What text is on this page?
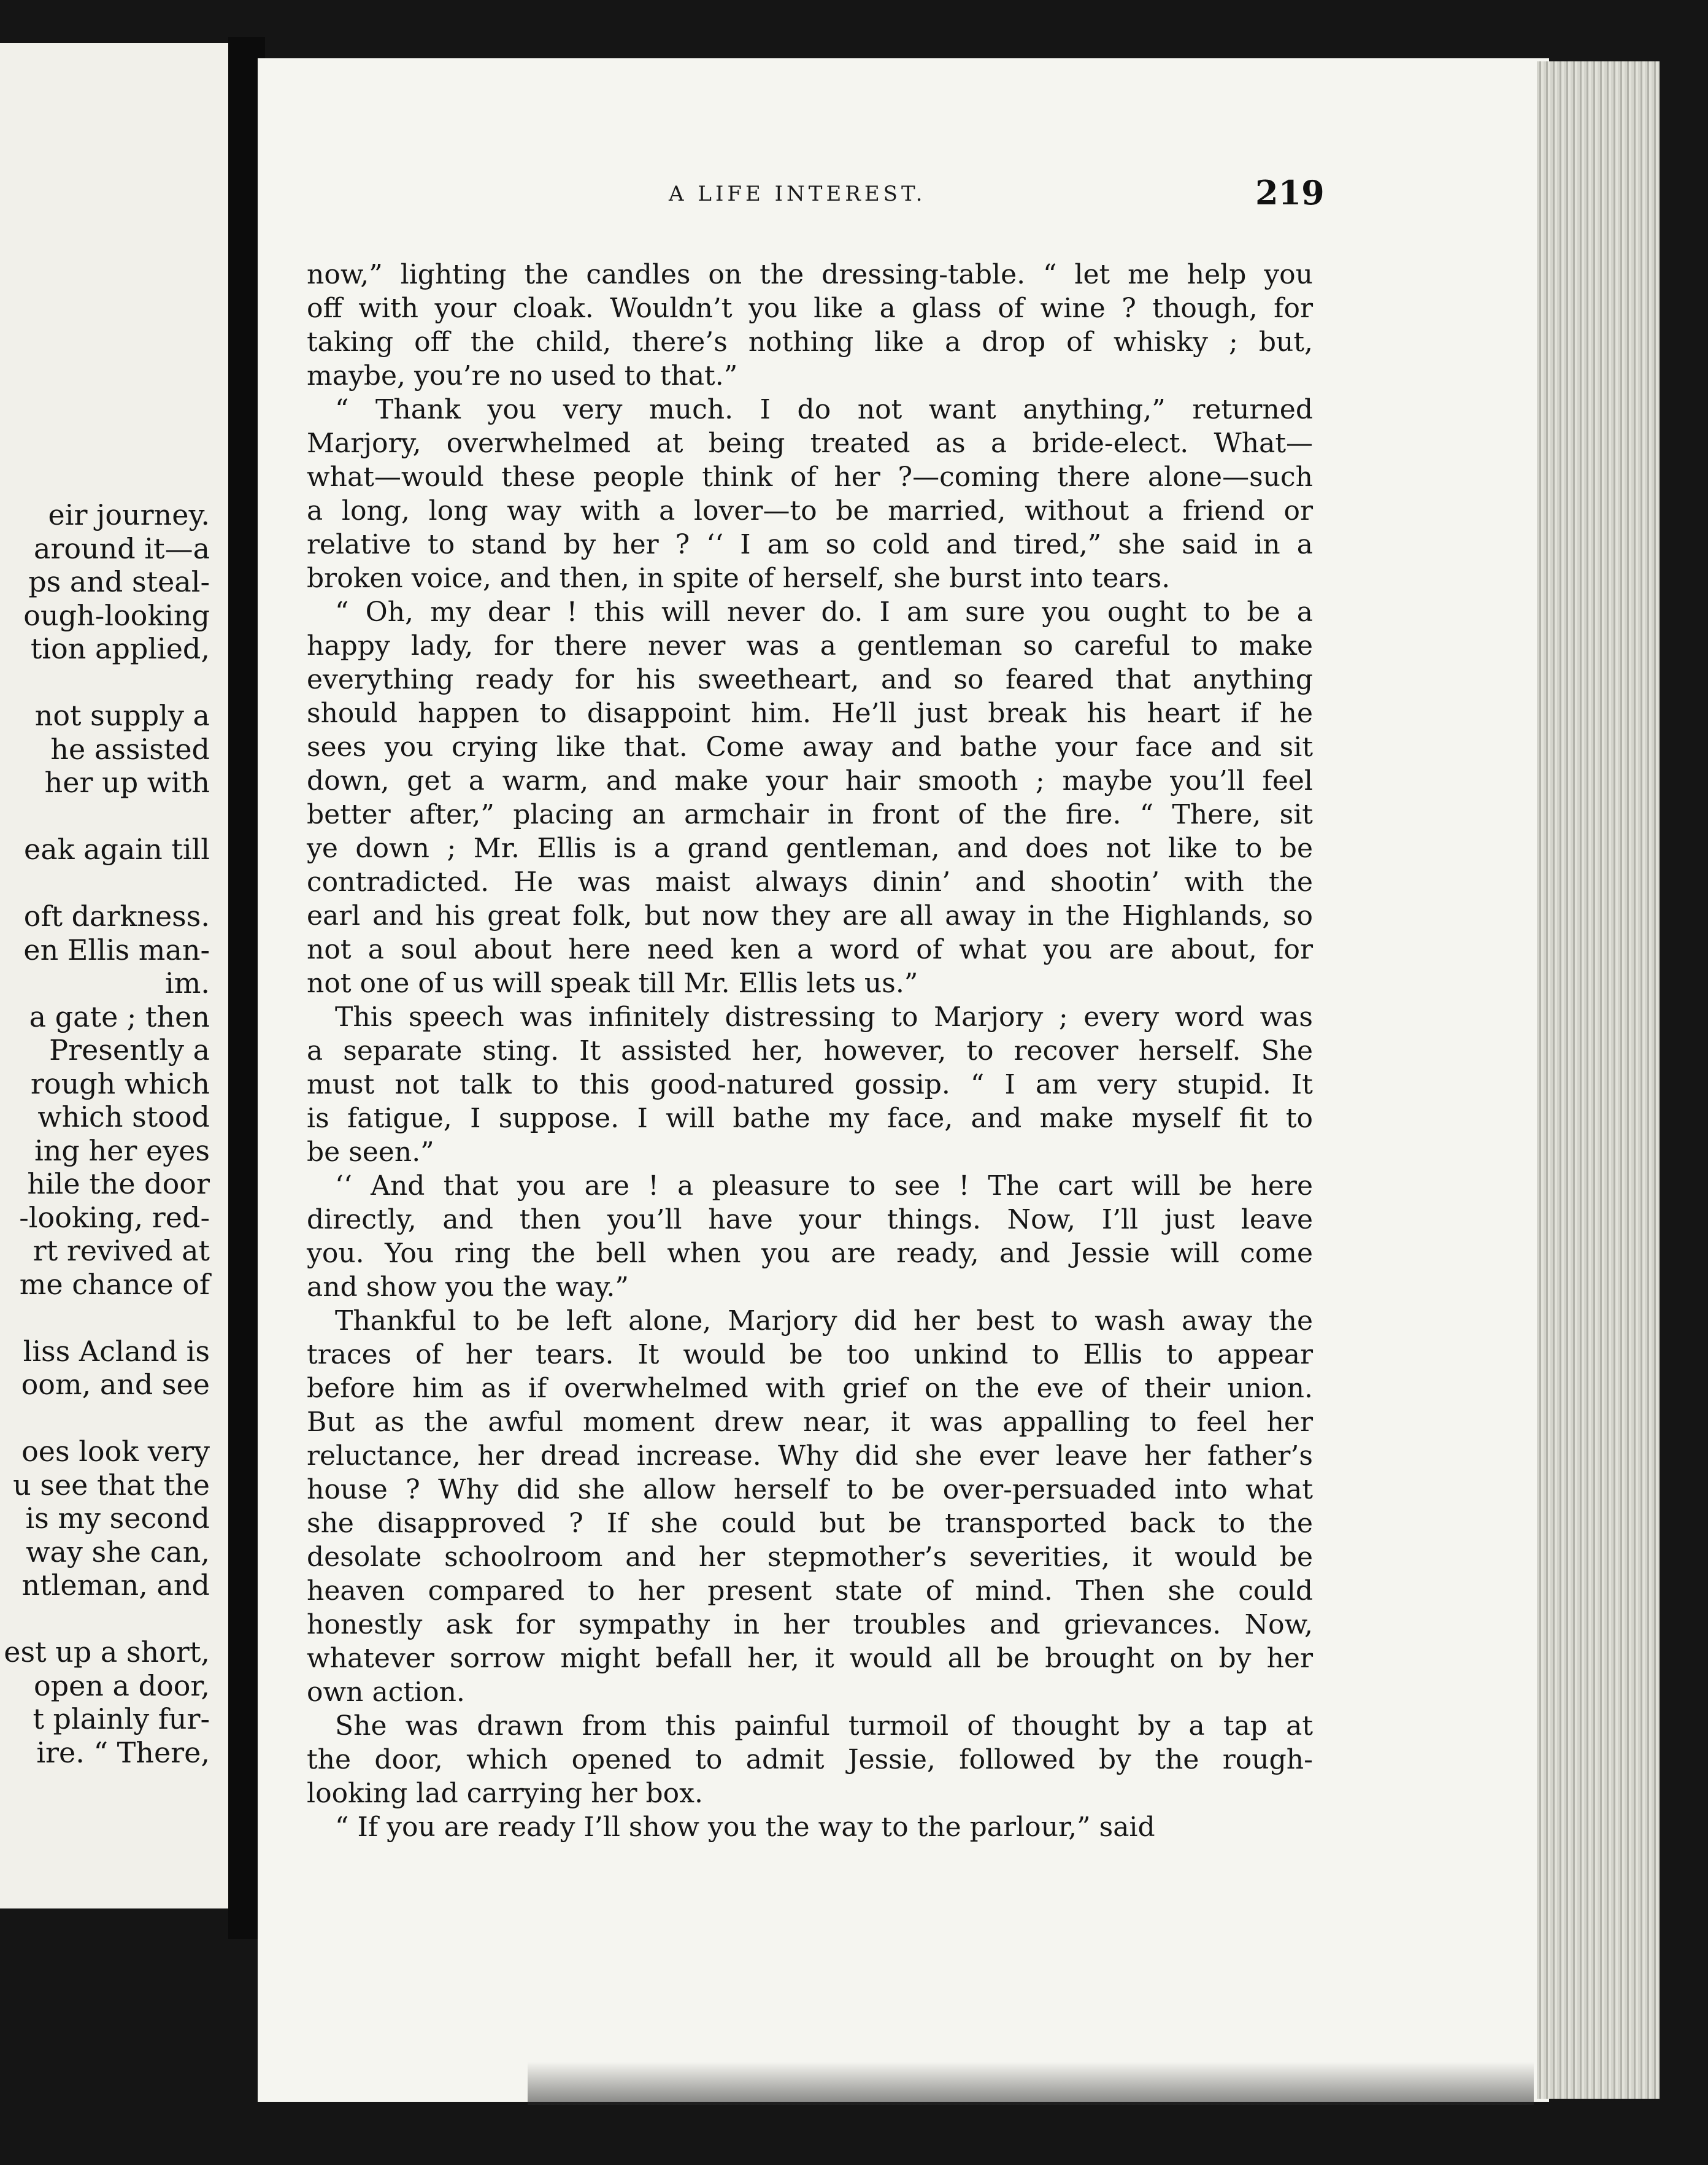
eir journey.
around it—a
ps and steal-
ough-looking
tion applied,
not supply a
he assisted
her up with
eak again till
oft darkness.
en Ellis man-
im.
a gate ; then
Presently a
rough which
which stood
ing her eyes
hile the door
-looking, red-
rt revived at
me chance of
liss Acland is
oom, and see
oes look very
u see that the
is my second
way she can,
ntleman, and
est up a short,
open a door,
t plainly fur-
ire. “ There,
A LIFE INTEREST.	219
now,” lighting the candles on the dressing-table. “ let me help you
off with your cloak. Wouldn’t you like a glass of wine ? though, for
taking off the child, there’s nothing like a drop of whisky ; but,
maybe, you’re no used to that.”
“ Thank you very much. I do not want anything,” returned
Marjory, overwhelmed at being treated as a bride-elect. What—
what—would these people think of her ?—coming there alone—such
a long, long way with a lover—to be married, without a friend or
relative to stand by her ? ‘‘ I am so cold and tired,” she said in a
broken voice, and then, in spite of herself, she burst into tears.
“ Oh, my dear ! this will never do. I am sure you ought to be a
happy lady, for there never was a gentleman so careful to make
everything ready for his sweetheart, and so feared that anything
should happen to disappoint him. He’ll just break his heart if he
sees you crying like that. Come away and bathe your face and sit
down, get a warm, and make your hair smooth ; maybe you’ll feel
better after,” placing an armchair in front of the fire. “ There, sit
ye down ; Mr. Ellis is a grand gentleman, and does not like to be
contradicted. He was maist always dinin’ and shootin’ with the
earl and his great folk, but now they are all away in the Highlands, so
not a soul about here need ken a word of what you are about, for
not one of us will speak till Mr. Ellis lets us.”
This speech was infinitely distressing to Marjory ; every word was
a separate sting. It assisted her, however, to recover herself. She
must not talk to this good-natured gossip. “ I am very stupid. It
is fatigue, I suppose. I will bathe my face, and make myself fit to
be seen.”
‘‘ And that you are ! a pleasure to see ! The cart will be here
directly, and then you’ll have your things. Now, I’ll just leave
you. You ring the bell when you are ready, and Jessie will come
and show you the way.”
Thankful to be left alone, Marjory did her best to wash away the
traces of her tears. It would be too unkind to Ellis to appear
before him as if overwhelmed with grief on the eve of their union.
But as the awful moment drew near, it was appalling to feel her
reluctance, her dread increase. Why did she ever leave her father’s
house ? Why did she allow herself to be over-persuaded into what
she disapproved ? If she could but be transported back to the
desolate schoolroom and her stepmother’s severities, it would be
heaven compared to her present state of mind. Then she could
honestly ask for sympathy in her troubles and grievances. Now,
whatever sorrow might befall her, it would all be brought on by her
own action.
She was drawn from this painful turmoil of thought by a tap at
the door, which opened to admit Jessie, followed by the rough-
looking lad carrying her box.
“ If you are ready I’ll show you the way to the parlour,” said
